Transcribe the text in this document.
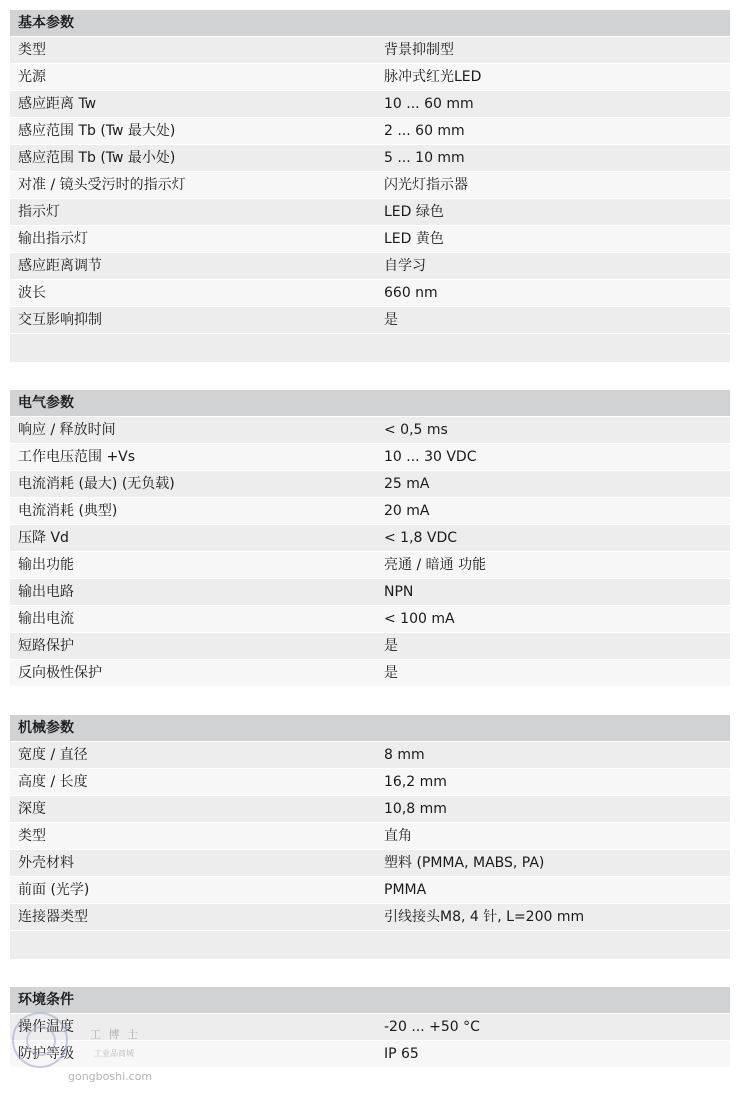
基本参数
类型	背景抑制型
光源	脉冲式红光LED
感应距离 Tw	10 ... 60 mm
感应范围 Tb (Tw 最大处)	2 ... 60 mm
感应范围 Tb (Tw 最小处)	5 ... 10 mm
对准 / 镜头受污时的指示灯	闪光灯指示器
指示灯	LED 绿色
输出指示灯	LED 黄色
感应距离调节	自学习
波长	660 nm
交互影响抑制	是
电气参数
响应 / 释放时间	< 0,5 ms
工作电压范围 +Vs	10 ... 30 VDC
电流消耗 (最大) (无负载)	25 mA
电流消耗 (典型)	20 mA
压降 Vd	< 1,8 VDC
输出功能	亮通 / 暗通 功能
输出电路	NPN
输出电流	< 100 mA
短路保护	是
反向极性保护	是
机械参数
宽度 / 直径	8 mm
高度 / 长度	16,2 mm
深度	10,8 mm
类型	直角
外壳材料	塑料 (PMMA, MABS, PA)
前面 (光学)	PMMA
连接器类型	引线接头M8, 4 针, L=200 mm
环境条件
操作温度	-20 ... +50 °C
防护等级	IP 65
工 博 士
工业品商城
gongboshi.com
